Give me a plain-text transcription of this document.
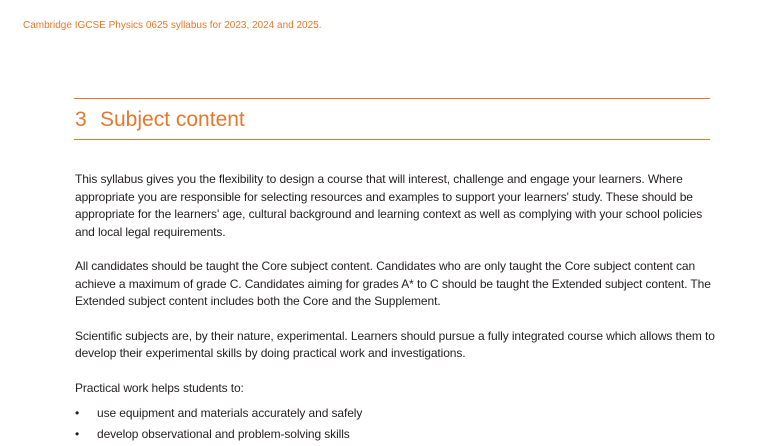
Cambridge IGCSE Physics 0625 syllabus for 2023, 2024 and 2025.
3 Subject content

This syllabus gives you the flexibility to design a course that will interest, challenge and engage your learners. Where appropriate you are responsible for selecting resources and examples to support your learners' study. These should be appropriate for the learners' age, cultural background and learning context as well as complying with your school policies and local legal requirements.

All candidates should be taught the Core subject content. Candidates who are only taught the Core subject content can achieve a maximum of grade C. Candidates aiming for grades A* to C should be taught the Extended subject content. The Extended subject content includes both the Core and the Supplement.

Scientific subjects are, by their nature, experimental. Learners should pursue a fully integrated course which allows them to develop their experimental skills by doing practical work and investigations.

Practical work helps students to:

• use equipment and materials accurately and safely
• develop observational and problem-solving skills
